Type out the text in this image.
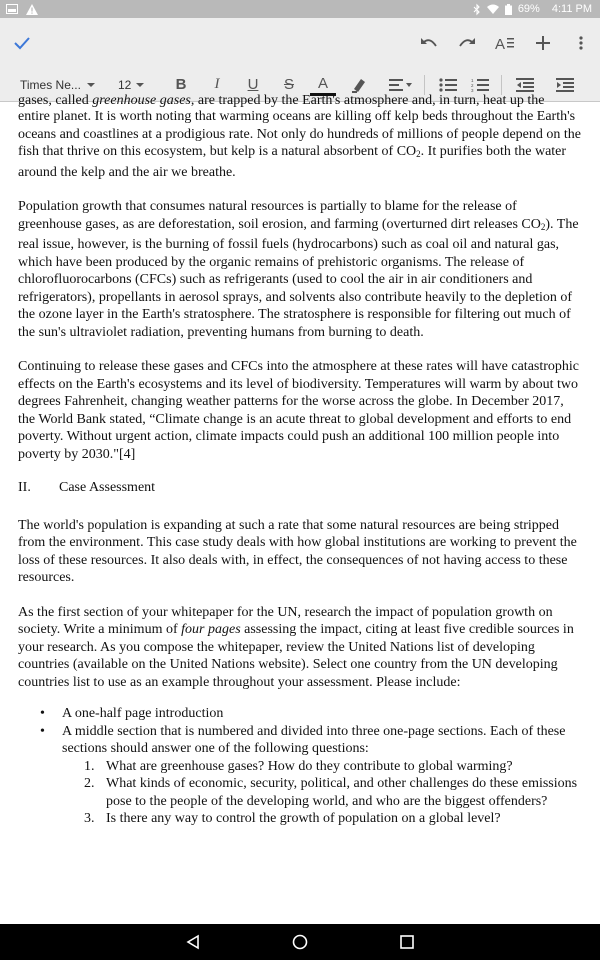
69% 4:11 PM
A
Times Ne...	12	B	I	U	S	A	1
2
3
gases, called greenhouse gases, are trapped by the Earth's atmosphere and, in turn, heat up the
entire planet. It is worth noting that warming oceans are killing off kelp beds throughout the Earth's oceans and coastlines at a prodigious rate. Not only do hundreds of millions of people depend on the fish that thrive on this ecosystem, but kelp is a natural absorbent of $CO_2$. It purifies both the water around the kelp and the air we breathe.
Population growth that consumes natural resources is partially to blame for the release of greenhouse gases, as are deforestation, soil erosion, and farming (overturned dirt releases $CO_2$). The real issue, however, is the burning of fossil fuels (hydrocarbons) such as coal oil and natural gas, which have been produced by the organic remains of prehistoric organisms. The release of chlorofluorocarbons (CFCs) such as refrigerants (used to cool the air in air conditioners and refrigerators), propellants in aerosol sprays, and solvents also contribute heavily to the depletion of the ozone layer in the Earth's stratosphere. The stratosphere is responsible for filtering out much of the sun's ultraviolet radiation, preventing humans from burning to death.
Continuing to release these gases and CFCs into the atmosphere at these rates will have catastrophic effects on the Earth's ecosystems and its level of biodiversity. Temperatures will warm by about two degrees Fahrenheit, changing weather patterns for the worse across the globe. In December 2017, the World Bank stated, “Climate change is an acute threat to global development and efforts to end poverty. Without urgent action, climate impacts could push an additional 100 million people into poverty by 2030."[4]
II.	Case Assessment
The world's population is expanding at such a rate that some natural resources are being stripped from the environment. This case study deals with how global institutions are working to prevent the loss of these resources. It also deals with, in effect, the consequences of not having access to these resources.
As the first section of your whitepaper for the UN, research the impact of population growth on society. Write a minimum of four pages assessing the impact, citing at least five credible sources in your research. As you compose the whitepaper, review the United Nations list of developing countries (available on the United Nations website). Select one country from the UN developing countries list to use as an example throughout your assessment. Please include:
• A one-half page introduction
• A middle section that is numbered and divided into three one-page sections. Each of these sections should answer one of the following questions:
1. What are greenhouse gases? How do they contribute to global warming?
2. What kinds of economic, security, political, and other challenges do these emissions pose to the people of the developing world, and who are the biggest offenders?
3. Is there any way to control the growth of population on a global level?
